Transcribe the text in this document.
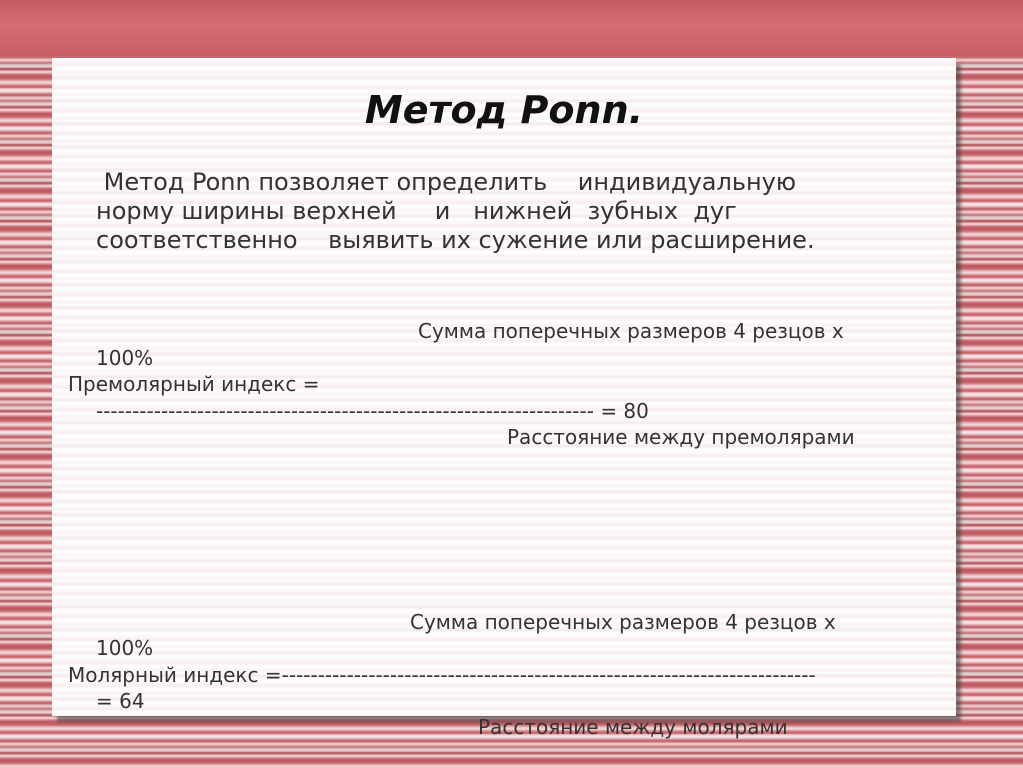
Метод Ponn.
Метод Ponn позволяет определить    индивидуальную
норму ширины верхней     и   нижней  зубных  дуг
соответственно    выявить их сужение или расширение.
Сумма поперечных размеров 4 резцов х
100%
Премолярный индекс =
--------------------------------------------------------------------- = 80
Расстояние между премолярами
Сумма поперечных размеров 4 резцов х
100%
Молярный индекс =--------------------------------------------------------------------------
= 64
Расстояние между молярами
